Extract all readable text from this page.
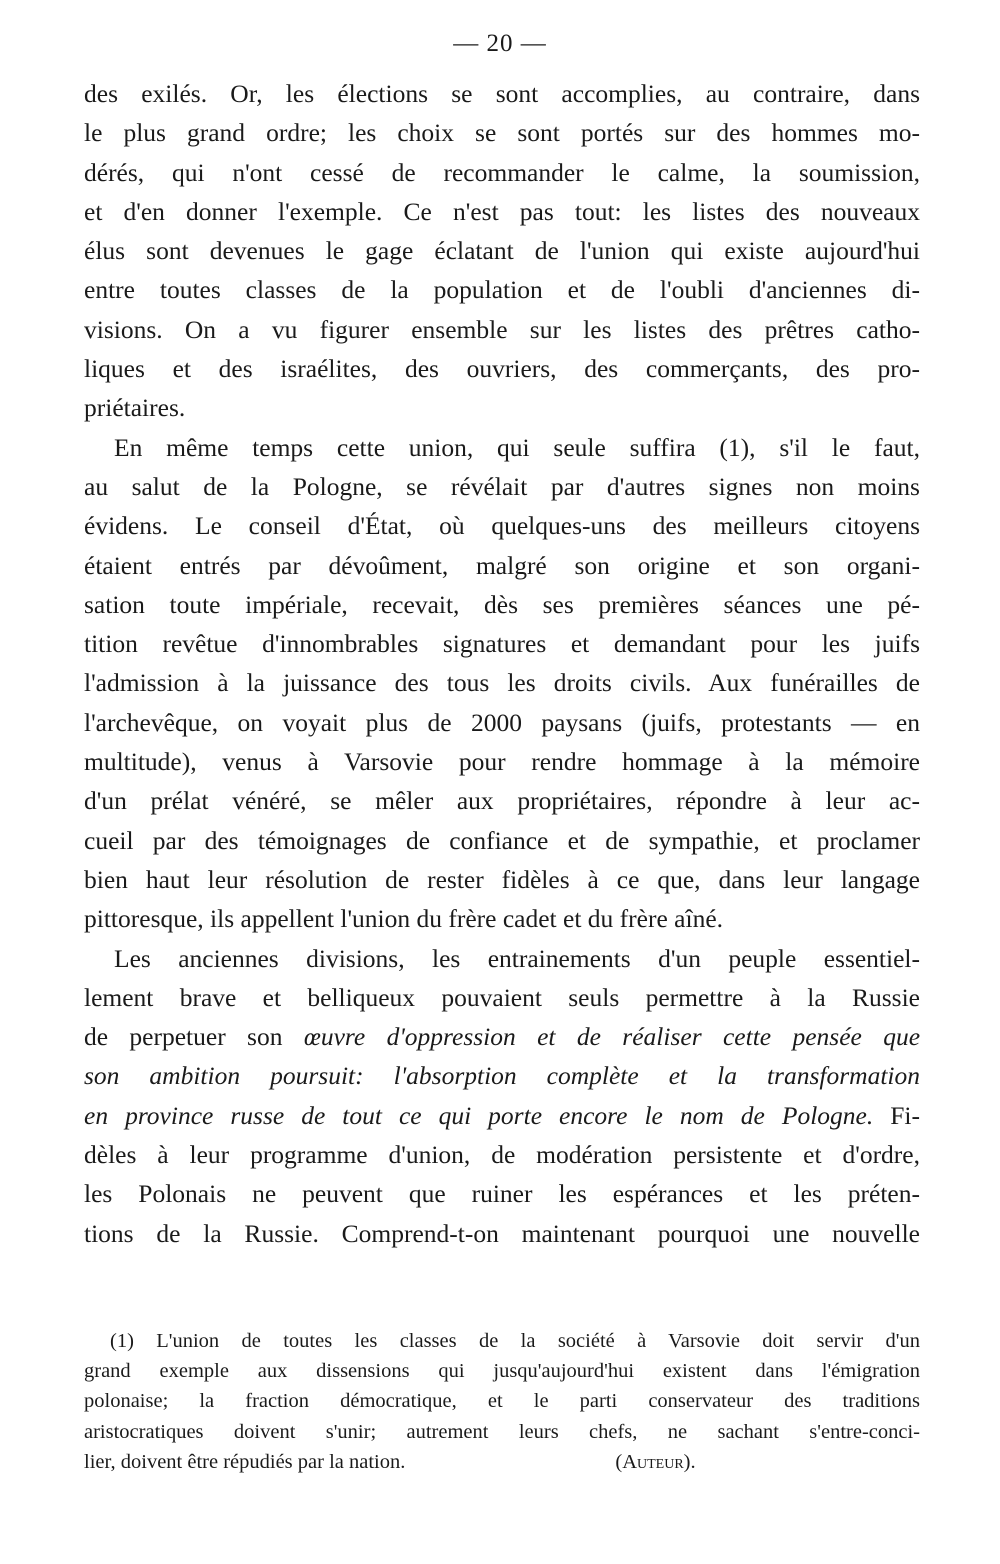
— 20 —
des exilés. Or, les élections se sont accomplies, au contraire, dans
le plus grand ordre; les choix se sont portés sur des hommes mo-
dérés, qui n'ont cessé de recommander le calme, la soumission,
et d'en donner l'exemple. Ce n'est pas tout: les listes des nouveaux
élus sont devenues le gage éclatant de l'union qui existe aujourd'hui
entre toutes classes de la population et de l'oubli d'anciennes di-
visions. On a vu figurer ensemble sur les listes des prêtres catho-
liques et des israélites, des ouvriers, des commerçants, des pro-
priétaires.
En même temps cette union, qui seule suffira (1), s'il le faut,
au salut de la Pologne, se révélait par d'autres signes non moins
évidens. Le conseil d'État, où quelques-uns des meilleurs citoyens
étaient entrés par dévoûment, malgré son origine et son organi-
sation toute impériale, recevait, dès ses premières séances une pé-
tition revêtue d'innombrables signatures et demandant pour les juifs
l'admission à la juissance des tous les droits civils. Aux funérailles de
l'archevêque, on voyait plus de 2000 paysans (juifs, protestants — en
multitude), venus à Varsovie pour rendre hommage à la mémoire
d'un prélat vénéré, se mêler aux propriétaires, répondre à leur ac-
cueil par des témoignages de confiance et de sympathie, et proclamer
bien haut leur résolution de rester fidèles à ce que, dans leur langage
pittoresque, ils appellent l'union du frère cadet et du frère aîné.
Les anciennes divisions, les entrainements d'un peuple essentiel-
lement brave et belliqueux pouvaient seuls permettre à la Russie
de perpetuer son œuvre d'oppression et de réaliser cette pensée que
son ambition poursuit: l'absorption complète et la transformation
en province russe de tout ce qui porte encore le nom de Pologne. Fi-
dèles à leur programme d'union, de modération persistente et d'ordre,
les Polonais ne peuvent que ruiner les espérances et les préten-
tions de la Russie. Comprend-t-on maintenant pourquoi une nouvelle
(1) L'union de toutes les classes de la société à Varsovie doit servir d'un
grand exemple aux dissensions qui jusqu'aujourd'hui existent dans l'émigration
polonaise; la fraction démocratique, et le parti conservateur des traditions
aristocratiques doivent s'unir; autrement leurs chefs, ne sachant s'entre-conci-
lier, doivent être répudiés par la nation.	(Auteur).
